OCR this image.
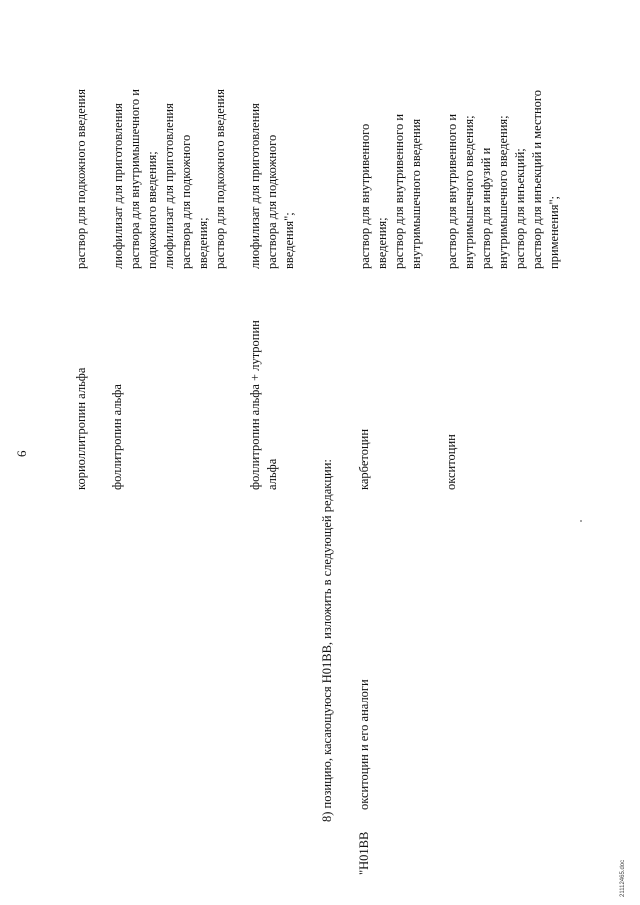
6	кориоллитропин альфа
раствор для подкожного введения
фоллитропин альфа
лиофилизат для приготовления раствора для внутримышечного и подкожного введения; лиофилизат для приготовления раствора для подкожного введения; раствор для подкожного введения
фоллитропин альфа + лутропин альфа
лиофилизат для приготовления раствора для подкожного введения";
8) позицию, касающуюся H01BB, изложить в следующей редакции:
"H01BB
окситоцин и его аналоги
карбетоцин
раствор для внутривенного введения; раствор для внутривенного и внутримышечного введения
окситоцин
раствор для внутривенного и внутримышечного введения; раствор для инфузий и внутримышечного введения; раствор для инъекций; раствор для инъекций и местного применения";
21112465.doc
